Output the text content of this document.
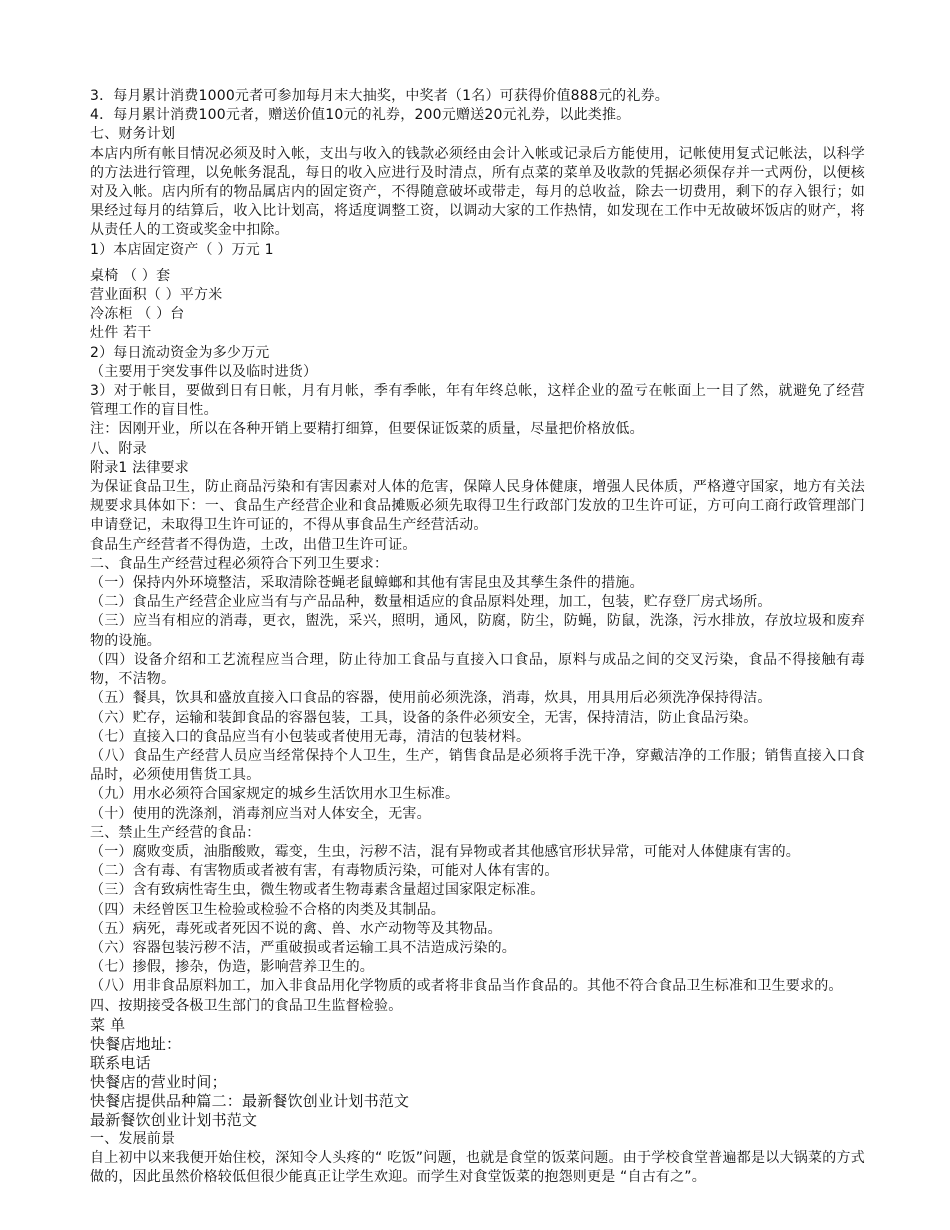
3．每月累计消费1000元者可参加每月末大抽奖，中奖者（1名）可获得价值888元的礼券。

4．每月累计消费100元者，赠送价值10元的礼券，200元赠送20元礼券，以此类推。

七、财务计划

本店内所有帐目情况必须及时入帐，支出与收入的钱款必须经由会计入帐或记录后方能使用，记帐使用复式记帐法，以科学的方法进行管理，以免帐务混乱，每日的收入应进行及时清点，所有点菜的菜单及收款的凭据必须保存并一式两份，以便核对及入帐。店内所有的物品属店内的固定资产，不得随意破坏或带走，每月的总收益，除去一切费用，剩下的存入银行；如果经过每月的结算后，收入比计划高，将适度调整工资，以调动大家的工作热情，如发现在工作中无故破坏饭店的财产，将从责任人的工资或奖金中扣除。

1）本店固定资产（ ）万元 1

桌椅 （ ）套

营业面积（ ）平方米

冷冻柜 （ ）台

灶件 若干

2）每日流动资金为多少万元

（主要用于突发事件以及临时进货）

3）对于帐目，要做到日有日帐，月有月帐，季有季帐，年有年终总帐，这样企业的盈亏在帐面上一目了然，就避免了经营管理工作的盲目性。

注：因刚开业，所以在各种开销上要精打细算，但要保证饭菜的质量，尽量把价格放低。

八、附录

附录1 法律要求

为保证食品卫生，防止商品污染和有害因素对人体的危害，保障人民身体健康，增强人民体质，严格遵守国家，地方有关法规要求具体如下：一、食品生产经营企业和食品摊贩必须先取得卫生行政部门发放的卫生许可证，方可向工商行政管理部门申请登记，未取得卫生许可证的，不得从事食品生产经营活动。

食品生产经营者不得伪造，土改，出借卫生许可证。

二、食品生产经营过程必须符合下列卫生要求：

（一）保持内外环境整洁，采取清除苍蝇老鼠蟑螂和其他有害昆虫及其孳生条件的措施。

（二）食品生产经营企业应当有与产品品种，数量相适应的食品原料处理，加工，包装，贮存登厂房式场所。

（三）应当有相应的消毒，更衣，盥洗，采兴，照明，通风，防腐，防尘，防蝇，防鼠，洗涤，污水排放，存放垃圾和废弃物的设施。

（四）设备介绍和工艺流程应当合理，防止待加工食品与直接入口食品，原料与成品之间的交叉污染，食品不得接触有毒物，不洁物。

（五）餐具，饮具和盛放直接入口食品的容器，使用前必须洗涤，消毒，炊具，用具用后必须洗净保持得洁。

（六）贮存，运输和装卸食品的容器包装，工具，设备的条件必须安全，无害，保持清洁，防止食品污染。

（七）直接入口的食品应当有小包装或者使用无毒，清洁的包装材料。

（八）食品生产经营人员应当经常保持个人卫生，生产，销售食品是必须将手洗干净，穿戴洁净的工作服；销售直接入口食品时，必须使用售货工具。

（九）用水必须符合国家规定的城乡生活饮用水卫生标准。

（十）使用的洗涤剂，消毒剂应当对人体安全，无害。

三、禁止生产经营的食品：

（一）腐败变质，油脂酸败，霉变，生虫，污秽不洁，混有异物或者其他感官形状异常，可能对人体健康有害的。

（二）含有毒、有害物质或者被有害，有毒物质污染，可能对人体有害的。

（三）含有致病性寄生虫，微生物或者生物毒素含量超过国家限定标准。

（四）未经曾医卫生检验或检验不合格的肉类及其制品。

（五）病死，毒死或者死因不说的禽、兽、水产动物等及其物品。

（六）容器包装污秽不洁，严重破损或者运输工具不洁造成污染的。

（七）掺假，掺杂，伪造，影响营养卫生的。

（八）用非食品原料加工，加入非食品用化学物质的或者将非食品当作食品的。其他不符合食品卫生标准和卫生要求的。

四、按期接受各极卫生部门的食品卫生监督检验。

菜 单

快餐店地址：

联系电话

快餐店的营业时间；

快餐店提供品种篇二：最新餐饮创业计划书范文

最新餐饮创业计划书范文

一、发展前景

自上初中以来我便开始住校，深知令人头疼的“ 吃饭”问题，也就是食堂的饭菜问题。由于学校食堂普遍都是以大锅菜的方式做的，因此虽然价格较低但很少能真正让学生欢迎。而学生对食堂饭菜的抱怨则更是 “自古有之”。
